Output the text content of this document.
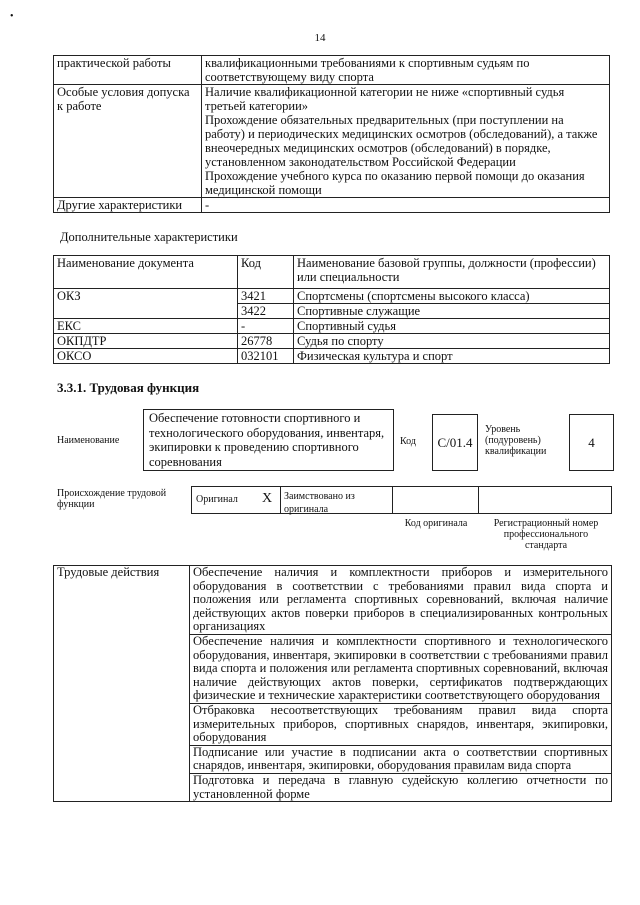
•
14
практической работы	квалификационными требованиями к спортивным судьям по соответствующему виду спорта
Особые условия допуска к работе	Наличие квалификационной категории не ниже «спортивный судья третьей категории»
Прохождение обязательных предварительных (при поступлении на работу) и периодических медицинских осмотров (обследований), а также внеочередных медицинских осмотров (обследований) в порядке, установленном законодательством Российской Федерации
Прохождение учебного курса по оказанию первой помощи до оказания медицинской помощи

Другие характеристики	-
Дополнительные характеристики
Наименование документа	Код	Наименование базовой группы, должности (профессии) или специальности
ОКЗ	3421	Спортсмены (спортсмены высокого класса)
	3422	Спортивные служащие
ЕКС	-	Спортивный судья
ОКПДТР	26778	Судья по спорту
ОКСО	032101	Физическая культура и спорт
3.3.1. Трудовая функция
Наименование
Обеспечение готовности спортивного и технологического оборудования, инвентаря, экипировки к проведению спортивного соревнования
Код	C/01.4
Уровень (подуровень) квалификации
4
Происхождение трудовой функции	Оригинал X	Заимствовано из оригинала
Код оригинала	Регистрационный номер профессионального стандарта
Трудовые действия	Обеспечение наличия и комплектности приборов и измерительного оборудования в соответствии с требованиями правил вида спорта и положения или регламента спортивных соревнований, включая наличие действующих актов поверки приборов в специализированных контрольных организациях
Обеспечение наличия и комплектности спортивного и технологического оборудования, инвентаря, экипировки в соответствии с требованиями правил вида спорта и положения или регламента спортивных соревнований, включая наличие действующих актов поверки, сертификатов подтверждающих физические и технические характеристики соответствующего оборудования
Отбраковка несоответствующих требованиям правил вида спорта измерительных приборов, спортивных снарядов, инвентаря, экипировки, оборудования
Подписание или участие в подписании акта о соответствии спортивных снарядов, инвентаря, экипировки, оборудования правилам вида спорта
Подготовка и передача в главную судейскую коллегию отчетности по установленной форме
